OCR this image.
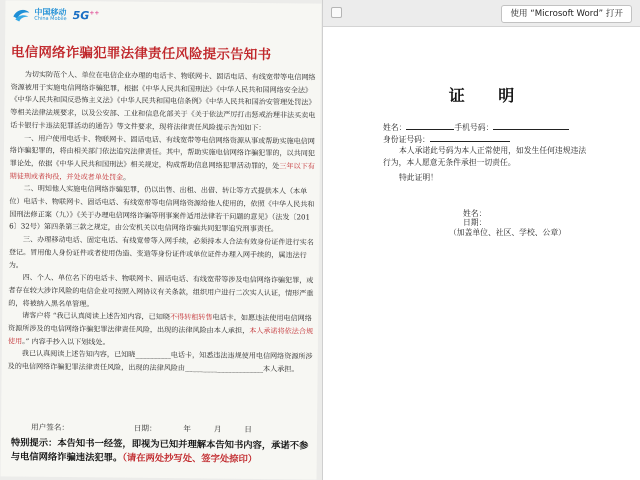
中国移动
China Mobile 5G++
电信网络诈骗犯罪法律责任风险提示告知书

为切实防范个人、单位在电信企业办理的电话卡、物联网卡、固话电话、有线宽带等电信网络资源被用于实施电信网络诈骗犯罪，根据《中华人民共和国刑法》《中华人民共和国网络安全法》《中华人民共和国反恐怖主义法》《中华人民共和国电信条例》《中华人民共和国治安管理处罚法》等相关法律法规要求，以及公安部、工业和信息化部关于《关于依法严厉打击惩戒治理非法买卖电话卡银行卡违法犯罪活动的通告》等文件要求，现将法律责任风险提示告知如下：

一、用户使用电话卡、物联网卡、固话电话、有线宽带等电信网络资源从事或帮助实施电信网络诈骗犯罪的，将由相关部门依法追究法律责任。其中，帮助实施电信网络诈骗犯罪的，以共同犯罪论处，依据《中华人民共和国刑法》相关规定，构成帮助信息网络犯罪活动罪的，处三年以下有期徒刑或者拘役，并处或者单处罚金。

二、明知他人实施电信网络诈骗犯罪，仍以出售、出租、出借、转让等方式提供本人（本单位）电话卡、物联网卡、固话电话、有线宽带等电信网络资源给他人使用的，依照《中华人民共和国刑法修正案（九）》《关于办理电信网络诈骗等刑事案件适用法律若干问题的意见》（法发〔2016〕32号）第四条第三款之规定，由公安机关以电信网络诈骗共同犯罪追究刑事责任。

三、办理移动电话、固定电话、有线宽带等入网手续，必须持本人合法有效身份证件进行实名登记。冒用他人身份证件或者使用伪造、变造等身份证件或单位证件办理入网手续的，属违法行为。

四、个人、单位名下的电话卡、物联网卡、固话电话、有线宽带等涉及电信网络诈骗犯罪，或者存在较大涉诈风险的电信企业可按照入网协议有关条款，组织用户进行二次实人认证，情形严重的，将被纳入黑名单管理。

请客户将 “我已认真阅读上述告知内容，已知晓不得转租转售电话卡，如愿违法使用电信网络资源所涉及的电信网络诈骗犯罪法律责任风险，出现的法律风险由本人承担，本人承诺将依法合规使用。” 内容手抄入以下划线处。

我已认真阅读上述告知内容，已知晓__________电话卡，知悉违法违规使用电信网络资源所涉及的电信网络诈骗犯罪法律责任风险，出现的法律风险由______________________本人承担。

用户签名：	日期：	年	月	日
特别提示：本告知书一经签，即视为已知并理解本告知书内容，承诺不参与电信网络诈骗违法犯罪。（请在两处抄写处、签字处捺印）
使用 “Microsoft Word” 打开
证 明
姓名：	手机号码：
身份证号码：
本人承诺此号码为本人正常使用，如发生任何违规违法行为，本人愿意无条件承担一切责任。
特此证明！
姓名：
日期：
（加盖单位、社区、学校、公章）
